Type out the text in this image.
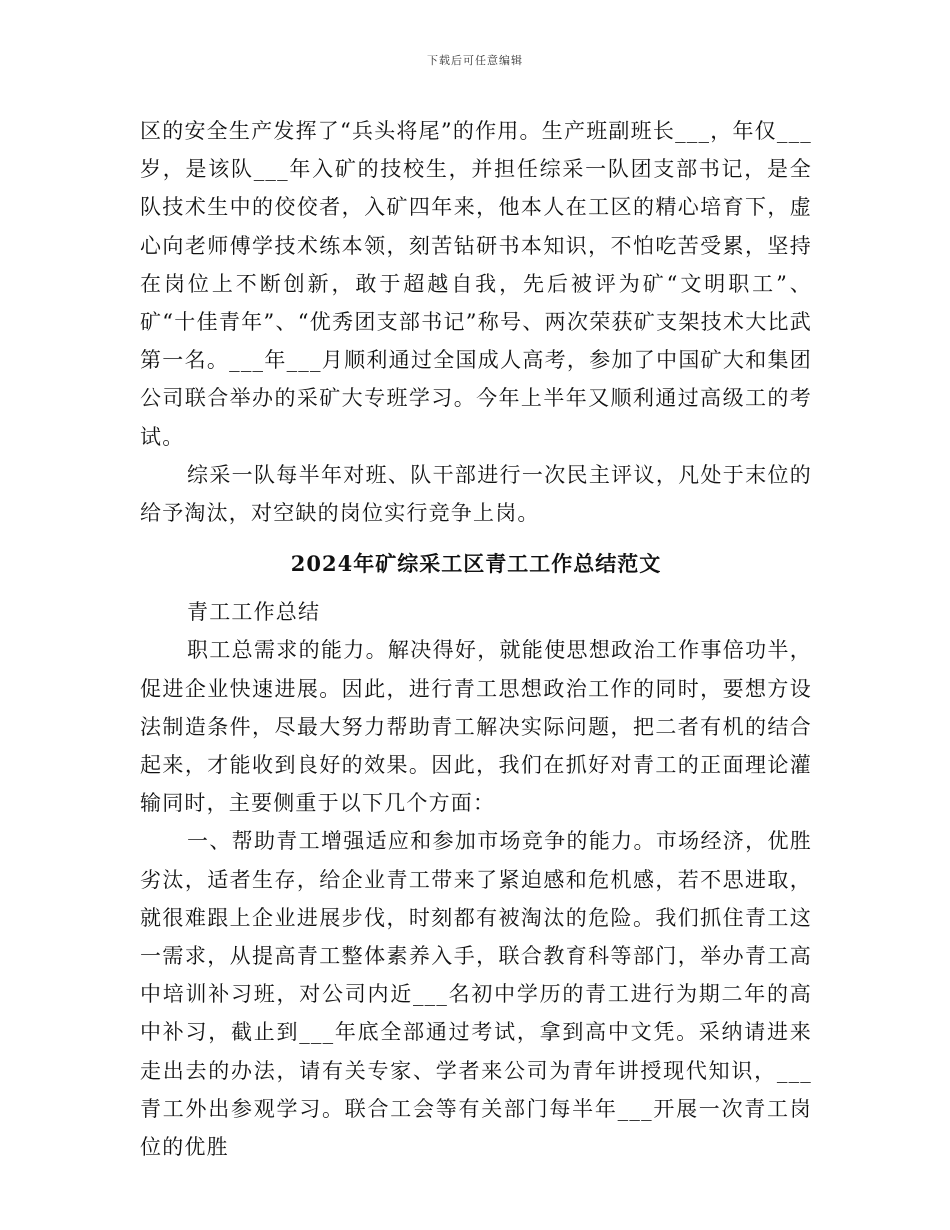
下载后可任意编辑

区的安全生产发挥了“兵头将尾”的作用。生产班副班长___，年仅___岁，是该队___年入矿的技校生，并担任综采一队团支部书记，是全队技术生中的佼佼者，入矿四年来，他本人在工区的精心培育下，虚心向老师傅学技术练本领，刻苦钻研书本知识，不怕吃苦受累，坚持在岗位上不断创新，敢于超越自我，先后被评为矿“文明职工”、矿“十佳青年”、“优秀团支部书记”称号、两次荣获矿支架技术大比武第一名。___年___月顺利通过全国成人高考，参加了中国矿大和集团公司联合举办的采矿大专班学习。今年上半年又顺利通过高级工的考试。

综采一队每半年对班、队干部进行一次民主评议，凡处于末位的给予淘汰，对空缺的岗位实行竞争上岗。

2024年矿综采工区青工工作总结范文

青工工作总结

职工总需求的能力。解决得好，就能使思想政治工作事倍功半，促进企业快速进展。因此，进行青工思想政治工作的同时，要想方设法制造条件，尽最大努力帮助青工解决实际问题，把二者有机的结合起来，才能收到良好的效果。因此，我们在抓好对青工的正面理论灌输同时，主要侧重于以下几个方面：

一、帮助青工增强适应和参加市场竞争的能力。市场经济，优胜劣汰，适者生存，给企业青工带来了紧迫感和危机感，若不思进取，就很难跟上企业进展步伐，时刻都有被淘汰的危险。我们抓住青工这一需求，从提高青工整体素养入手，联合教育科等部门，举办青工高中培训补习班，对公司内近___名初中学历的青工进行为期二年的高中补习，截止到___年底全部通过考试，拿到高中文凭。采纳请进来走出去的办法，请有关专家、学者来公司为青年讲授现代知识，___青工外出参观学习。联合工会等有关部门每半年___开展一次青工岗位的优胜
